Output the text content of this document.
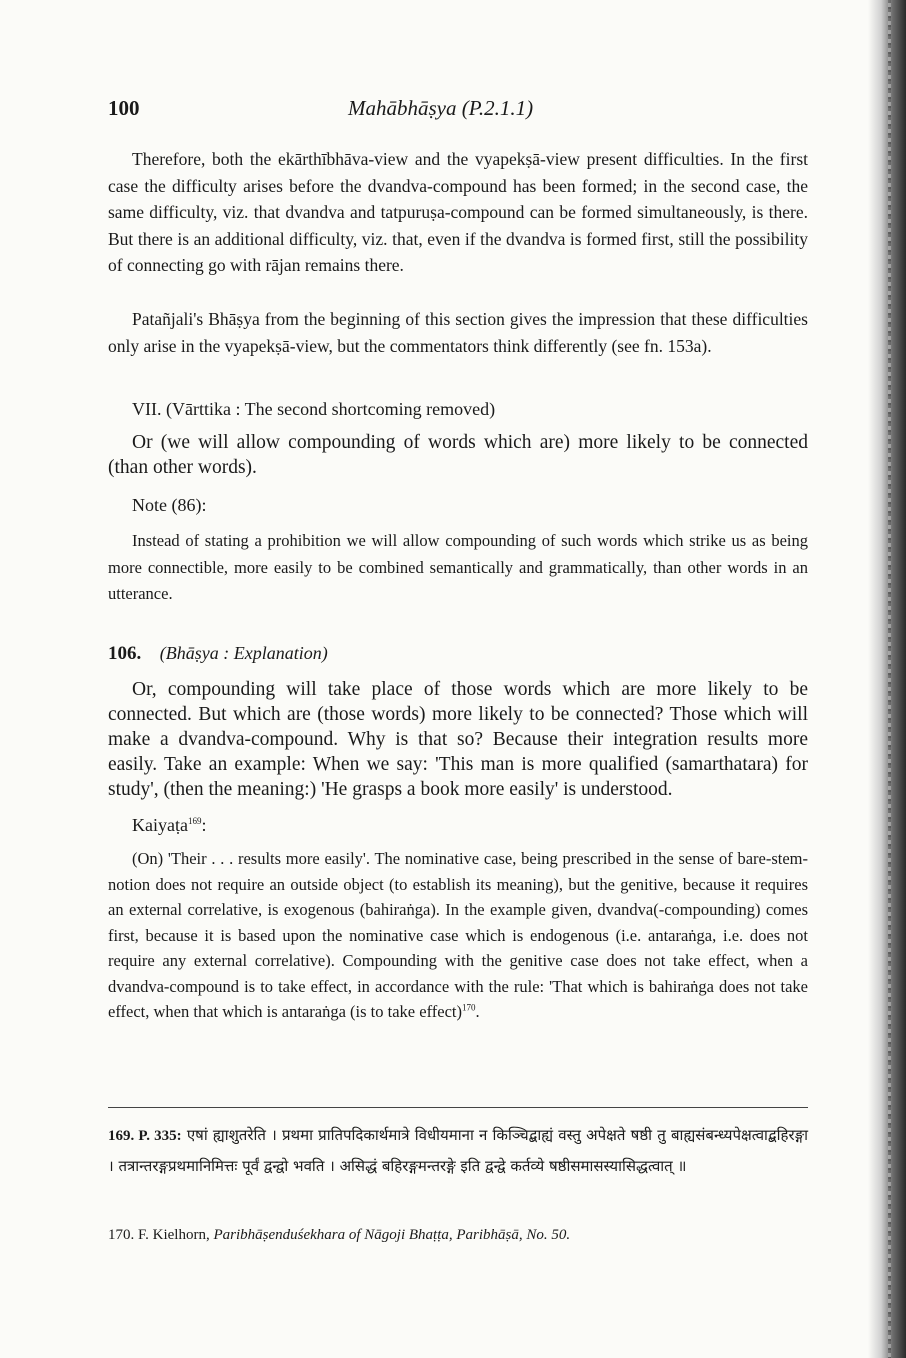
100	Mahābhāṣya (P.2.1.1)

Therefore, both the ekārthībhāva-view and the vyapekṣā-view present difficulties. In the first case the difficulty arises before the dvandva-compound has been formed; in the second case, the same difficulty, viz. that dvandva and tatpuruṣa-compound can be formed simultaneously, is there. But there is an additional difficulty, viz. that, even if the dvandva is formed first, still the possibility of connecting go with rājan remains there.

Patañjali's Bhāṣya from the beginning of this section gives the impression that these difficulties only arise in the vyapekṣā-view, but the commentators think differently (see fn. 153a).

VII. (Vārttika : The second shortcoming removed)

Or (we will allow compounding of words which are) more likely to be connected (than other words).

Note (86):

Instead of stating a prohibition we will allow compounding of such words which strike us as being more connectible, more easily to be combined semantically and grammatically, than other words in an utterance.

106. (Bhāṣya : Explanation)

Or, compounding will take place of those words which are more likely to be connected. But which are (those words) more likely to be connected? Those which will make a dvandva-compound. Why is that so? Because their integration results more easily. Take an example: When we say: 'This man is more qualified (samarthatara) for study', (then the meaning:) 'He grasps a book more easily' is understood.

Kaiyaṭa$^{169}$:

(On) 'Their . . . results more easily'. The nominative case, being prescribed in the sense of bare-stem-notion does not require an outside object (to establish its meaning), but the genitive, because it requires an external correlative, is exogenous (bahiraṅga). In the example given, dvandva(-compounding) comes first, because it is based upon the nominative case which is endogenous (i.e. antaraṅga, i.e. does not require any external correlative). Compounding with the genitive case does not take effect, when a dvandva-compound is to take effect, in accordance with the rule: 'That which is bahiraṅga does not take effect, when that which is antaraṅga (is to take effect)$^{170}$.

169. P. 335: एषां ह्याशुतरेति । प्रथमा प्रातिपदिकार्थमात्रे विधीयमाना न किञ्चिद्बाह्यं वस्तु अपेक्षते षष्ठी तु बाह्यसंबन्ध्यपेक्षत्वाद्बहिरङ्गा । तत्रान्तरङ्गप्रथमानिमित्तः पूर्वं द्वन्द्वो भवति । असिद्धं बहिरङ्गमन्तरङ्गे इति द्वन्द्वे कर्तव्ये षष्ठीसमासस्यासिद्धत्वात् ॥

170. F. Kielhorn, Paribhāṣenduśekhara of Nāgoji Bhaṭṭa, Paribhāṣā, No. 50.
